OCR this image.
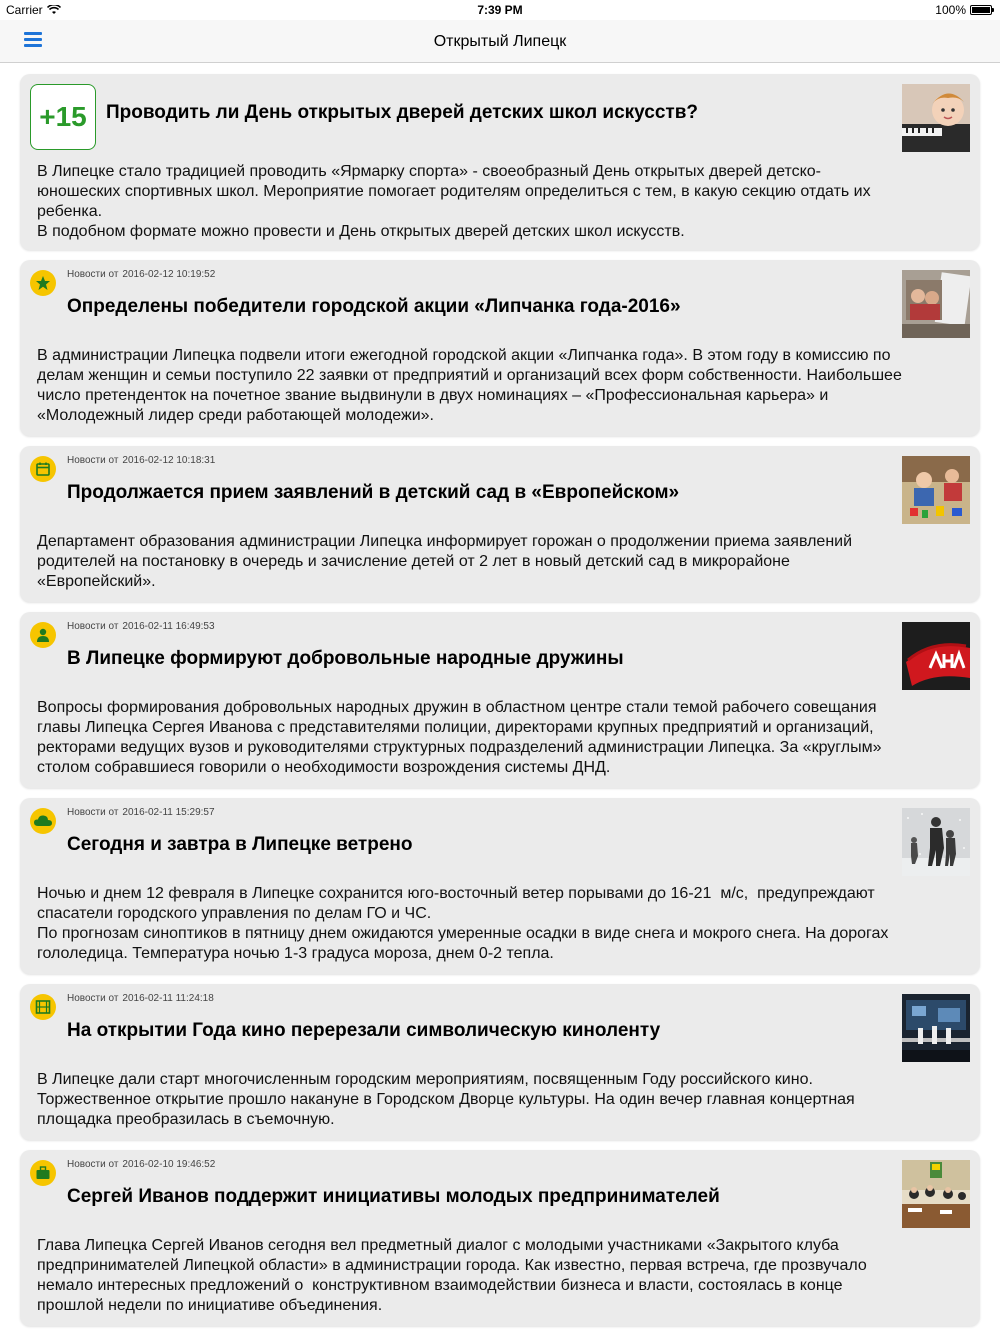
Carrier	7:39 PM	100%
Открытый Липецк
+15	Проводить ли День открытых дверей детских школ искусств?
В Липецке стало традицией проводить «Ярмарку спорта» - своеобразный День открытых дверей детско-
юношеских спортивных школ. Мероприятие помогает родителям определиться с тем, в какую секцию отдать их
ребенка.
В подобном формате можно провести и День открытых дверей детских школ искусств.
Новости от 2016-02-12 10:19:52
Определены победители городской акции «Липчанка года-2016»
В администрации Липецка подвели итоги ежегодной городской акции «Липчанка года». В этом году в комиссию по
делам женщин и семьи поступило 22 заявки от предприятий и организаций всех форм собственности. Наибольшее
число претенденток на почетное звание выдвинули в двух номинациях – «Профессиональная карьера» и
«Молодежный лидер среди работающей молодежи».
Новости от 2016-02-12 10:18:31
Продолжается прием заявлений в детский сад в «Европейском»
Департамент образования администрации Липецка информирует горожан о продолжении приема заявлений
родителей на постановку в очередь и зачисление детей от 2 лет в новый детский сад в микрорайоне
«Европейский».
Новости от 2016-02-11 16:49:53
В Липецке формируют добровольные народные дружины
Вопросы формирования добровольных народных дружин в областном центре стали темой рабочего совещания
главы Липецка Сергея Иванова с представителями полиции, директорами крупных предприятий и организаций,
ректорами ведущих вузов и руководителями структурных подразделений администрации Липецка. За «круглым»
столом собравшиеся говорили о необходимости возрождения системы ДНД.
Новости от 2016-02-11 15:29:57
Сегодня и завтра в Липецке ветрено
Ночью и днем 12 февраля в Липецке сохранится юго-восточный ветер порывами до 16-21  м/с,  предупреждают
спасатели городского управления по делам ГО и ЧС.
По прогнозам синоптиков в пятницу днем ожидаются умеренные осадки в виде снега и мокрого снега. На дорогах
гололедица. Температура ночью 1-3 градуса мороза, днем 0-2 тепла.
Новости от 2016-02-11 11:24:18
На открытии Года кино перерезали символическую киноленту
В Липецке дали старт многочисленным городским мероприятиям, посвященным Году российского кино.
Торжественное открытие прошло накануне в Городском Дворце культуры. На один вечер главная концертная
площадка преобразилась в съемочную.
Новости от 2016-02-10 19:46:52
Сергей Иванов поддержит инициативы молодых предпринимателей
Глава Липецка Сергей Иванов сегодня вел предметный диалог с молодыми участниками «Закрытого клуба
предпринимателей Липецкой области» в администрации города. Как известно, первая встреча, где прозвучало
немало интересных предложений о  конструктивном взаимодействии бизнеса и власти, состоялась в конце
прошлой недели по инициативе объединения.
